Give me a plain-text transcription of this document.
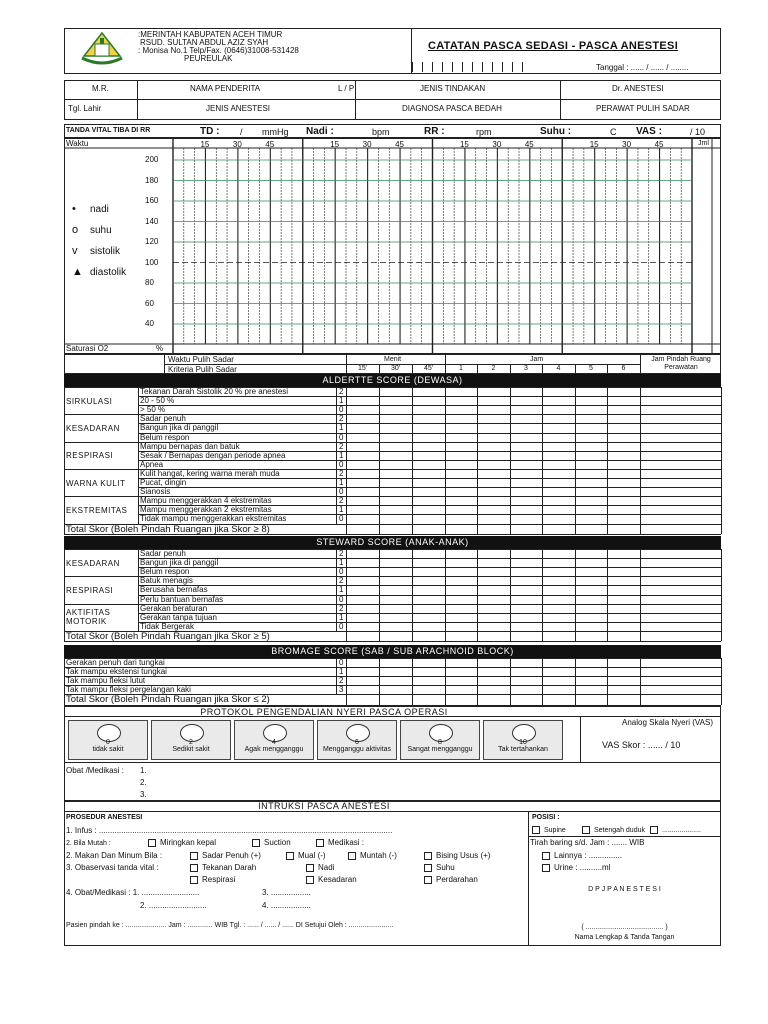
:MERINTAH KABUPATEN ACEH TIMUR
RSUD. SULTAN ABDUL AZIZ SYAH
: Monisa No.1 Telp/Fax. (0646)31008-531428
PEUREULAK
CATATAN PASCA SEDASI - PASCA ANESTESI
Tanggal : ...... / ...... / ........
M.R.	NAMA PENDERITA	L / P	JENIS TINDAKAN	Dr. ANESTESI
Tgl. Lahir	JENIS ANESTESI	DIAGNOSA PASCA BEDAH	PERAWAT PULIH SADAR
TANDA VITAL TIBA DI RR	TD : / mmHg Nadi :	bpm	RR :	rpm	Suhu :	C VAS :	/ 10
Waktu	Jml
200
180
160
140
120
100
80
60
40
15	30	45	15	30	45	15	30	45	15	30	45
• nadi
o suhu
v sistolik
▲ diastolik
Saturasi O2	%
Waktu Pulih Sadar
Kriteria Pulih Sadar
Menit	Jam	Jam Pindah Ruang Perawatan
15'	30'	45'	1	2	3	4	5	6
ALDERTTE SCORE (DEWASA)
Tekanan Darah Sistolik 20 % pre anestesi	2
20 - 50 %	1
> 50 %	0
SIRKULASI
Sadar penuh	2
Bangun jika di panggil	1
Belum respon	0
KESADARAN
Mampu bernapas dan batuk	2
Sesak / Bernapas dengan periode apnea	1
Apnea	0
RESPIRASI
Kulit hangat, kering warna merah muda	2
Pucat, dingin	1
Sianosis	0
WARNA KULIT
Mampu menggerakkan 4 ekstremitas	2
Mampu menggerakkan 2 ekstremitas	1
Tidak mampu menggerakkan ekstremitas	0
EKSTREMITAS
Total Skor (Boleh Pindah Ruangan jika Skor ≥ 8)
STEWARD SCORE (ANAK-ANAK)
Sadar penuh	2
Bangun jika di panggil	1
Belum respon	0
KESADARAN
Batuk menagis	2
Berusaha bernafas	1
Perlu bantuan bernafas	0
RESPIRASI
Gerakan beraturan	2
Gerakan tanpa tujuan	1
Tidak Bergerak	0
AKTIFITAS
MOTORIK
Total Skor (Boleh Pindah Ruangan jika Skor ≥ 5)
BROMAGE SCORE (SAB / SUB ARACHNOID BLOCK)
Gerakan penuh dari tungkai	0
Tak mampu ekstensi tungkai	1
Tak mampu fleksi lutut	2
Tak mampu fleksi pergelangan kaki	3
Total Skor (Boleh Pindah Ruangan jika Skor ≤ 2)
PROTOKOL PENGENDALIAN NYERI PASCA OPERASI
0
tidak sakit
2
Sedikit sakit
4
Agak mengganggu
6
Mengganggu aktivitas
8
Sangat mengganggu
10
Tak tertahankan
Analog Skala Nyeri (VAS)
VAS Skor : ...... / 10
Obat /Medikasi : 1.
2.
3.
INTRUKSI PASCA ANESTESI
PROSEDUR ANESTESI
1. Infus : ....................................................................................................................................
2. Bila Mutah :	Miringkan kepal	Suction	Medikasi :
2. Makan Dan Minum Bila :	Sadar Penuh (+)	Mual (-)	Muntah (-)	Bising Usus (+)
3. Obaservasi tanda vital :	Tekanan Darah	Nadi	Suhu
Respirasi	Kesadaran	Perdarahan
4. Obat/Medikasi : 1. ..........................	3. ..................
2. ..........................	4. ..................
Pasien pindah ke : ..................... Jam : ............. WIB Tgl. : ...... / ...... / ...... DI Setujui Oleh : .......................
POSISI :
Supine	Setengah duduk	....................
Tirah baring s/d. Jam : ....... WIB
Lainnya : ...............
Urine : ..........ml
D P J P A N E S T E S I
( ........................................ )
Nama Lengkap & Tanda Tangan
